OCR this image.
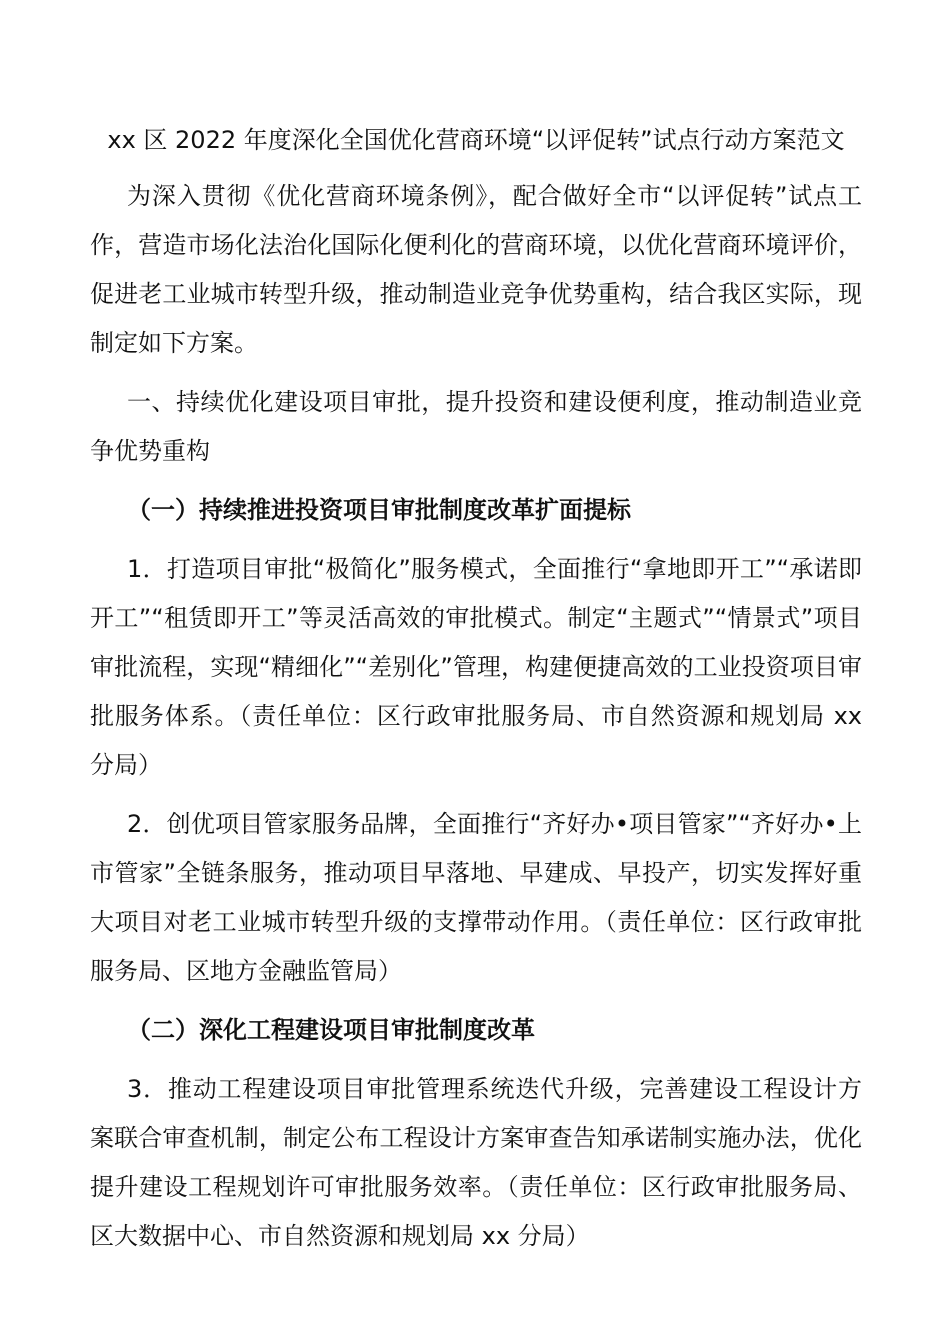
xx 区 2022 年度深化全国优化营商环境“以评促转”试点行动方案范文

为深入贯彻《优化营商环境条例》，配合做好全市“以评促转”试点工作，营造市场化法治化国际化便利化的营商环境，以优化营商环境评价，促进老工业城市转型升级，推动制造业竞争优势重构，结合我区实际，现制定如下方案。

一、持续优化建设项目审批，提升投资和建设便利度，推动制造业竞争优势重构

（一）持续推进投资项目审批制度改革扩面提标

1．打造项目审批“极简化”服务模式，全面推行“拿地即开工”“承诺即开工”“租赁即开工”等灵活高效的审批模式。制定“主题式”“情景式”项目审批流程，实现“精细化”“差别化”管理，构建便捷高效的工业投资项目审批服务体系。（责任单位：区行政审批服务局、市自然资源和规划局 xx 分局）

2．创优项目管家服务品牌，全面推行“齐好办•项目管家”“齐好办•上市管家”全链条服务，推动项目早落地、早建成、早投产，切实发挥好重大项目对老工业城市转型升级的支撑带动作用。（责任单位：区行政审批服务局、区地方金融监管局）

（二）深化工程建设项目审批制度改革

3．推动工程建设项目审批管理系统迭代升级，完善建设工程设计方案联合审查机制，制定公布工程设计方案审查告知承诺制实施办法，优化提升建设工程规划许可审批服务效率。（责任单位：区行政审批服务局、区大数据中心、市自然资源和规划局 xx 分局）
